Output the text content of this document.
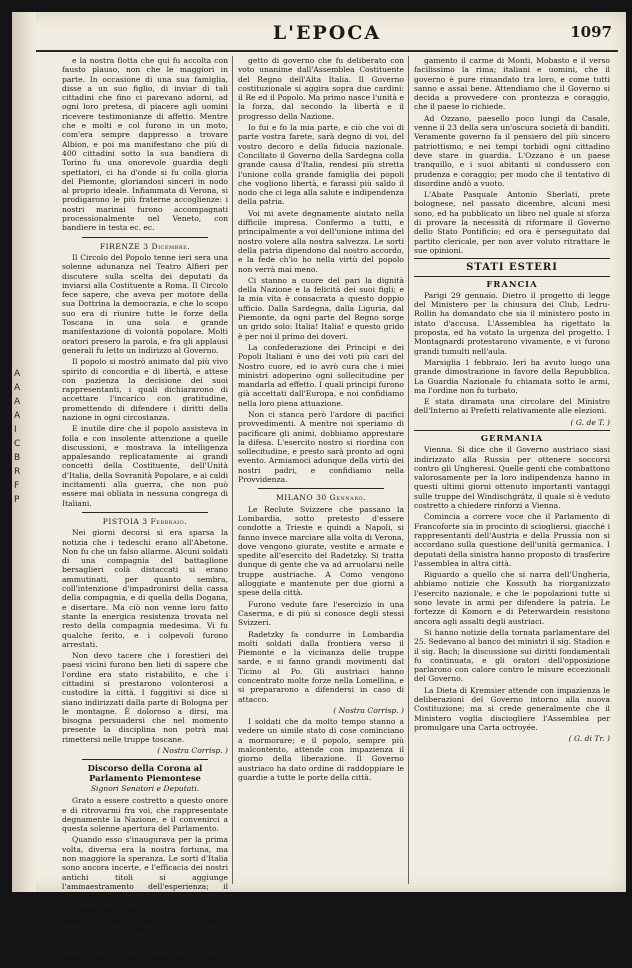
A
A
A
A
I
C
B
R
F
P
L'EPOCA	1097

e la nostra flotta che qui fu accolta con fausto plauso, non che le maggiori in parte. In occasione di una sua famiglia, disse a un suo figlio, di inviar di tali cittadini che fino ci parevano adorni, ad ogni loro pretesa, di piacere agli uomini ricevere testimonianze di affetto. Mentre che e molti e col furono in un moto, com'era sempre dappresso a trovare Albion, e poi ma manifestano che più di 400 cittadini sotto la sua bandiera di Torino fu una onorevole guardia degli spettatori, ci ha d'onde si fu colla gloria del Piemonte, gloriandosi sinceri in nodo al proprio ideale. Infiammata di Verona, si prodigarono le più fraterne accoglienze: i nostri marinai furono accompagnati processionalmente nel Veneto, con bandiere in testa ec. ec.

FIRENZE 3 Dicembre.

Il Circolo del Popolo tenne ieri sera una solenne adunanza nel Teatro Alfieri per discutere sulla scelta dei deputati da inviarsi alla Costituente a Roma. Il Circolo fece sapere, che aveva per motore della sua Dottrina la democrazia, e che lo scopo suo era di riunire tutte le forze della Toscana in una sola e grande manifestazione di volontà popolare. Molti oratori presero la parola, e fra gli applausi generali fu letto un indirizzo al Governo.

Il popolo si mostrò animato dal più vivo spirito di concordia e di libertà, e attese con pazienza la decisione dei suoi rappresentanti, i quali dichiararono di accettare l'incarico con gratitudine, promettendo di difendere i diritti della nazione in ogni circostanza.

E inutile dire che il popolo assisteva in folla e con insolente attenzione a quelle discussioni, e mostrava la intelligenza appalesando replicatamente ai grandi concetti della Costituente, dell'Unità d'Italia, della Sovranità Popolare, e ai caldi incitamenti alla guerra, che non può essere mai obliata in nessuna congrega di Italiani.

PISTOIA 3 Febbraio.

Nei giorni decorsi si era sparsa la notizia che i tedeschi erano all'Abetone. Non fu che un falso allarme. Alcuni soldati di una compagnia del battaglione bersaglieri colà distaccati si erano ammutinati, per quanto sembra, coll'intenzione d'impadronirsi della cassa della compagnia, e di quella della Dogana, e disertare. Ma ciò non venne loro fatto stante la energica resistenza trovata nel resto della compagnia medesima. Vi fu qualche ferito, e i colpevoli furono arrestati.

Non devo tacere che i forestieri dei paesi vicini furono ben lieti di sapere che l'ordine era stato ristabilito, e che i cittadini si prestarono volonterosi a custodire la città. I fuggitivi si dice si siano indirizzati dalla parte di Bologna per le montagne. È doloroso a dirsi, ma bisogna persuadersi che nel momento presente la disciplina non potrà mai rimettersi nelle truppe toscane.

( Nostra Corrisp. )

Discorso della Corona al Parlamento Piemontese
Signori Senatori e Deputati.

Grato a essere costretto a questo onore e di ritrovarmi fra voi, che rappresentate degnamente la Nazione, e il convenirci a questa solenne apertura del Parlamento.

Quando esso s'inaugurava per la prima volta, diversa era la nostra fortuna, ma non maggiore la speranza. Le sorti d'Italia sono ancora incerte, e l'efficacia dei nostri antichi titoli si aggiunge l'ammaestramento dell'esperienza; il merito della prova, il coraggio e la costanza nella sventura.

L'opera a cui dovrete attendere in questa seconda sessione è molteplice, ardua, difficile; e non minore è in voi la fermezza che in me la fiducia nel vostro senno e nella vostra devozione alla causa comune.

getto di governo che fu deliberato con voto unanime dall'Assemblea Costituente del Regno dell'Alta Italia. Il Governo costituzionale si aggira sopra due cardini: il Re ed il Popolo. Ma primo nasce l'unità e la forza, dal secondo la libertà e il progresso della Nazione.

Io fui e fo la mia parte, e ciò che voi di parte vostra farete, sarà degno di voi, del vostro decoro e della fiducia nazionale. Conciliato il Governo della Sardegna colla grande causa d'Italia, rendesi più stretta l'unione colla grande famiglia dei popoli che vogliono libertà, e farassi più saldo il nodo che ci lega alla salute e indipendenza della patria.

Voi mi avete degnamente aiutato nella difficile impresa. Confermo a tutti, e principalmente a voi dell'unione intima del nostro volere alla nostra salvezza. Le sorti della patria dipendono dal nostro accordo, e la fede ch'io ho nella virtù del popolo non verrà mai meno.

Ci stanno a cuore del pari la dignità della Nazione e la felicità dei suoi figli; e la mia vita è consacrata a questo doppio ufficio. Dalla Sardegna, dalla Liguria, dal Piemonte, da ogni parte del Regno sorge un grido solo: Italia! Italia! e questo grido è per noi il primo dei doveri.

La confederazione dei Principi e dei Popoli Italiani è uno dei voti più cari del Nostro cuore, ed io avrò cura che i miei ministri adoperino ogni sollecitudine per mandarla ad effetto. I quali principi furono già accettati dall'Europa, e noi confidiamo nella loro piena attuazione.

Non ci stanca però l'ardore di pacifici provvedimenti. A mentre noi speriamo di pacificare gli animi, dobbiamo apprestare la difesa. L'esercito nostro si riordina con sollecitudine, e presto sarà pronto ad ogni evento. Armiamoci adunque della virtù dei nostri padri, e confidiamo nella Provvidenza.

MILANO 30 Gennaro.

Le Reclute Svizzere che passano la Lombardia, sotto pretesto d'essere condotte a Trieste e quindi a Napoli, si fanno invece marciare alla volta di Verona, dove vengono giurate, vestite e armate e spedite all'esercito del Radetzky. Si tratta dunque di gente che va ad arruolarsi nelle truppe austriache. A Como vengono alloggiate e mantenute per due giorni a spese della città.

Furono vedute fare l'esercizio in una Caserma, e di più si conosce degli stessi Svizzeri.

Radetzky fa condurre in Lombardia molti soldati dalla frontiera verso il Piemonte e la vicinanza delle truppe sarde, e si fanno grandi movimenti dal Ticino al Po. Gli austriaci hanno concentrato molte forze nella Lomellina, e si prepararono a difendersi in caso di attacco.

( Nostra Corrisp. )

I soldati che da molto tempo stanno a vedere un simile stato di cose cominciano a mormorare; e il popolo, sempre più malcontento, attende con impazienza il giorno della liberazione. Il Governo austriaco ha dato ordine di raddoppiare le guardie a tutte le porte della città.

gamento il carme di Monti, Mobasto e il verso facilissimo la rima; italiani e uomini, che il governo è pure rimandato tra loro, e come tutti sanno e assai bene. Attendiamo che il Governo si decida a provvedere con prontezza e coraggio, che il paese lo richiede.

Ad Ozzano, paesello poco lungi da Casale, venne il 23 della sera un'oscura società di banditi. Veramente governo fa il pensiero del più sincero patriottismo, e nei tempi torbidi ogni cittadino deve stare in guardia. L'Ozzano è un paese tranquillo, e i suoi abitanti si condussero con prudenza e coraggio; per modo che il tentativo di disordine andò a vuoto.

L'Abate Pasquale Antonio Sberlati, prete bolognese, nel passato dicembre, alcuni mesi sono, ed ha pubblicato un libro nel quale si sforza di provare la necessità di riformare il Governo dello Stato Pontificio; ed ora è perseguitato dal partito clericale, per non aver voluto ritrattare le sue opinioni.

STATI ESTERI
FRANCIA

Parigi 29 gennaio. Dietro il progetto di legge del Ministero per la chiusura dei Club, Ledru-Rollin ha domandato che sia il ministero posto in istato d'accusa. L'Assemblea ha rigettato la proposta, ed ha votato la urgenza del progetto. I Montagnardi protestarono vivamente, e vi furono grandi tumulti nell'aula.

Marsiglia 1 febbraio. Ieri ha avuto luogo una grande dimostrazione in favore della Repubblica. La Guardia Nazionale fu chiamata sotto le armi, ma l'ordine non fu turbato.

E stata diramata una circolare del Ministro dell'Interno ai Prefetti relativamente alle elezioni.

( G. de T. )

GERMANIA

Vienna. Si dice che il Governo austriaco siasi indirizzato alla Russia per ottenere soccorsi contro gli Ungheresi. Quelle genti che combattono valorosamente per la loro indipendenza hanno in questi ultimi giorni ottenuto importanti vantaggi sulle truppe del Windischgrätz, il quale si è veduto costretto a chiedere rinforzi a Vienna.

Comincia a correre voce che il Parlamento di Francoforte sia in procinto di sciogliersi, giacché i rappresentanti dell'Austria e della Prussia non si accordano sulla questione dell'unità germanica. I deputati della sinistra hanno proposto di trasferire l'assemblea in altra città.

Riguardo a quello che si narra dell'Ungheria, abbiamo notizie che Kossuth ha riorganizzato l'esercito nazionale, e che le popolazioni tutte si sono levate in armi per difendere la patria. Le fortezze di Komorn e di Peterwardein resistono ancora agli assalti degli austriaci.

Si hanno notizie della tornata parlamentare del 25. Sedevano al banco dei ministri il sig. Stadion e il sig. Bach; la discussione sui diritti fondamentali fu continuata, e gli oratori dell'opposizione parlarono con calore contro le misure eccezionali del Governo.

La Dieta di Kremsier attende con impazienza le deliberazioni del Governo intorno alla nuova Costituzione; ma si crede generalmente che il Ministero voglia disciogliere l'Assemblea per promulgare una Carta octroyée.

( G. di Tr. )
